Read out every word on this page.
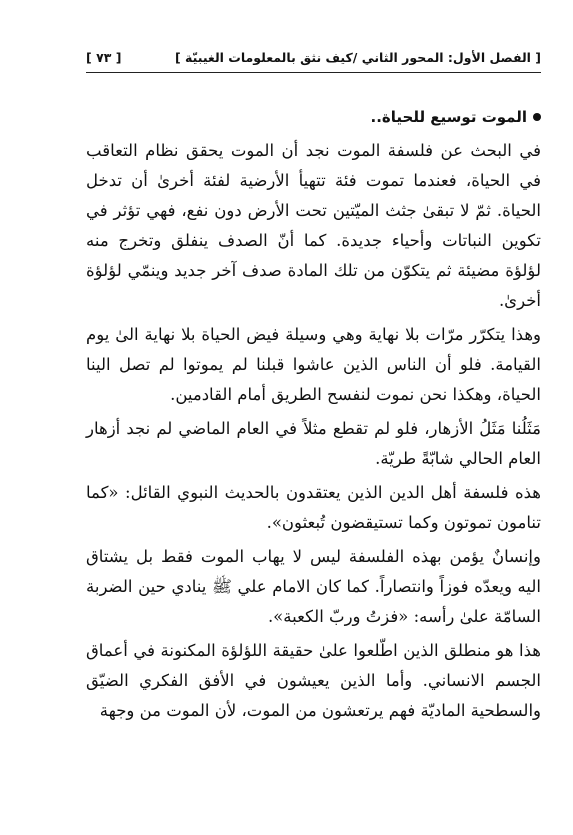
[ الفصل الأول: المحور الثاني /كيف نثق بالمعلومات الغيبيّة ]
[ ٧٣ ]
الموت توسيع للحياة..

في البحث عن فلسفة الموت نجد أن الموت يحقق نظام التعاقب في الحياة، فعندما تموت فئة تتهيأ الأرضية لفئة أخرىٰ أن تدخل الحياة. ثمّ لا تبقىٰ جثث الميّتين تحت الأرض دون نفع، فهي تؤثر في تكوين النباتات وأحياء جديدة. كما أنّ الصدف ينفلق وتخرج منه لؤلؤة مضيئة ثم يتكوّن من تلك المادة صدف آخر جديد وينمّي لؤلؤة أخرىٰ.

وهذا يتكرّر مرّات بلا نهاية وهي وسيلة فيض الحياة بلا نهاية الىٰ يوم القيامة. فلو أن الناس الذين عاشوا قبلنا لم يموتوا لم تصل الينا الحياة، وهكذا نحن نموت لنفسح الطريق أمام القادمين.

مَثَلُنا مَثَلُ الأزهار، فلو لم تقطع مثلاً في العام الماضي لم نجد أزهار العام الحالي شابّةً طريّة.

هذه فلسفة أهل الدين الذين يعتقدون بالحديث النبوي القائل: «كما تنامون تموتون وكما تستيقضون تُبعثون».

وإنسانٌ يؤمن بهذه الفلسفة ليس لا يهاب الموت فقط بل يشتاق اليه ويعدّه فوزاً وانتصاراً. كما كان الامام علي ﷺ ينادي حين الضربة السامّة علىٰ رأسه: «فزتُ وربّ الكعبة».

هذا هو منطلق الذين اطّلعوا علىٰ حقيقة اللؤلؤة المكنونة في أعماق الجسم الانساني. وأما الذين يعيشون في الأفق الفكري الضيّق والسطحية الماديّة فهم يرتعشون من الموت، لأن الموت من وجهة
